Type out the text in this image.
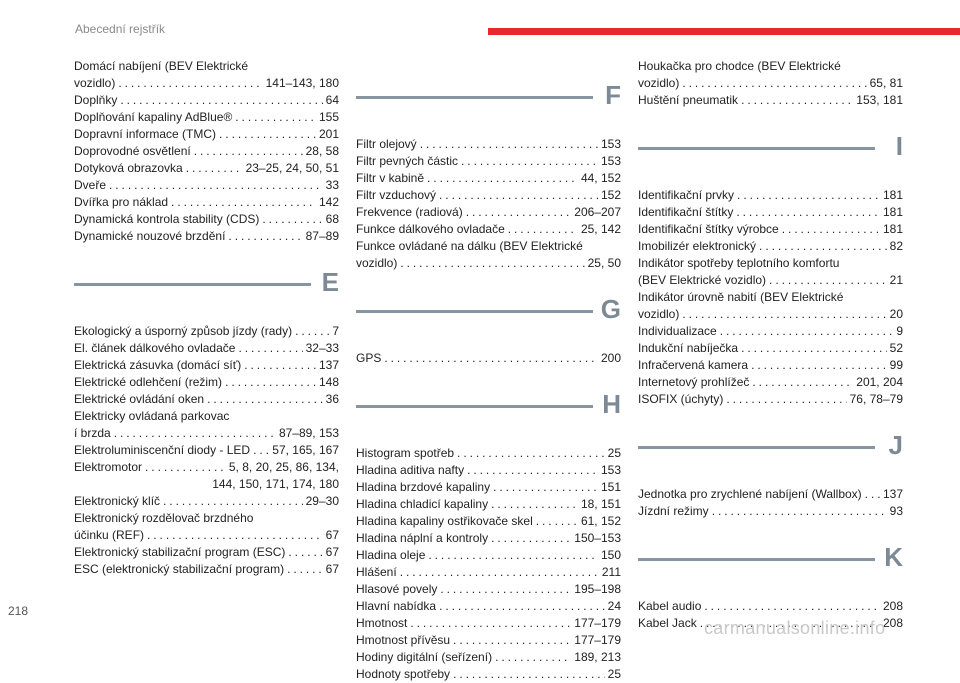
Abecední rejstřík
Domácí nabíjení (BEV Elektrické
vozidlo) . . .	141–143, 180
Doplňky . . .	64
Doplňování kapaliny AdBlue® . . .	155
Dopravní informace (TMC) . . .	201
Doprovodné osvětlení . . .	28, 58
Dotyková obrazovka . . .	23–25, 24, 50, 51
Dveře . . .	33
Dvířka pro náklad . . .	142
Dynamická kontrola stability (CDS) . . .	68
Dynamické nouzové brzdění . . .	87–89
E
Ekologický a úsporný způsob jízdy (rady) . . .	7
El. článek dálkového ovladače . . .	32–33
Elektrická zásuvka (domácí síť) . . .	137
Elektrické odlehčení (režim) . . .	148
Elektrické ovládání oken . . .	36
Elektricky ovládaná parkovac
í brzda . . .	87–89, 153
Elektroluminiscenční diody - LED . . . 57, 165, 167
Elektromotor . . .	5, 8, 20, 25, 86, 134,
144, 150, 171, 174, 180
Elektronický klíč . . .	29–30
Elektronický rozdělovač brzdného
účinku (REF) . . .	67
Elektronický stabilizační program (ESC) . . .	67
ESC (elektronický stabilizační program) . . .	67
F
Filtr olejový . . .	153
Filtr pevných částic . . .	153
Filtr v kabině . . .	44, 152
Filtr vzduchový . . .	152
Frekvence (radiová) . . .	206–207
Funkce dálkového ovladače . . .	25, 142
Funkce ovládané na dálku (BEV Elektrické
vozidlo) . . .	25, 50
G
GPS . . .	200
H
Histogram spotřeb . . .	25
Hladina aditiva nafty . . .	153
Hladina brzdové kapaliny . . .	151
Hladina chladicí kapaliny . . .	18, 151
Hladina kapaliny ostřikovače skel . . .	61, 152
Hladina náplní a kontroly . . .	150–153
Hladina oleje . . .	150
Hlášení . . .	211
Hlasové povely . . .	195–198
Hlavní nabídka . . .	24
Hmotnost . . .	177–179
Hmotnost přívěsu . . .	177–179
Hodiny digitální (seřízení) . . .	189, 213
Hodnoty spotřeby . . .	25
Houkačka pro chodce (BEV Elektrické
vozidlo) . . .	65, 81
Huštění pneumatik . . .	153, 181
I
Identifikační prvky . . .	181
Identifikační štítky . . .	181
Identifikační štítky výrobce . . .	181
Imobilizér elektronický . . .	82
Indikátor spotřeby teplotního komfortu
(BEV Elektrické vozidlo) . . .	21
Indikátor úrovně nabití (BEV Elektrické
vozidlo) . . .	20
Individualizace . . .	9
Indukční nabíječka . . .	52
Infračervená kamera . . .	99
Internetový prohlížeč . . .	201, 204
ISOFIX (úchyty) . . .	76, 78–79
J
Jednotka pro zrychlené nabíjení (Wallbox) . . . 137
Jízdní režimy . . .	93
K
Kabel audio . . .	208
Kabel Jack . . .	208
218
carmanualsonline.info
